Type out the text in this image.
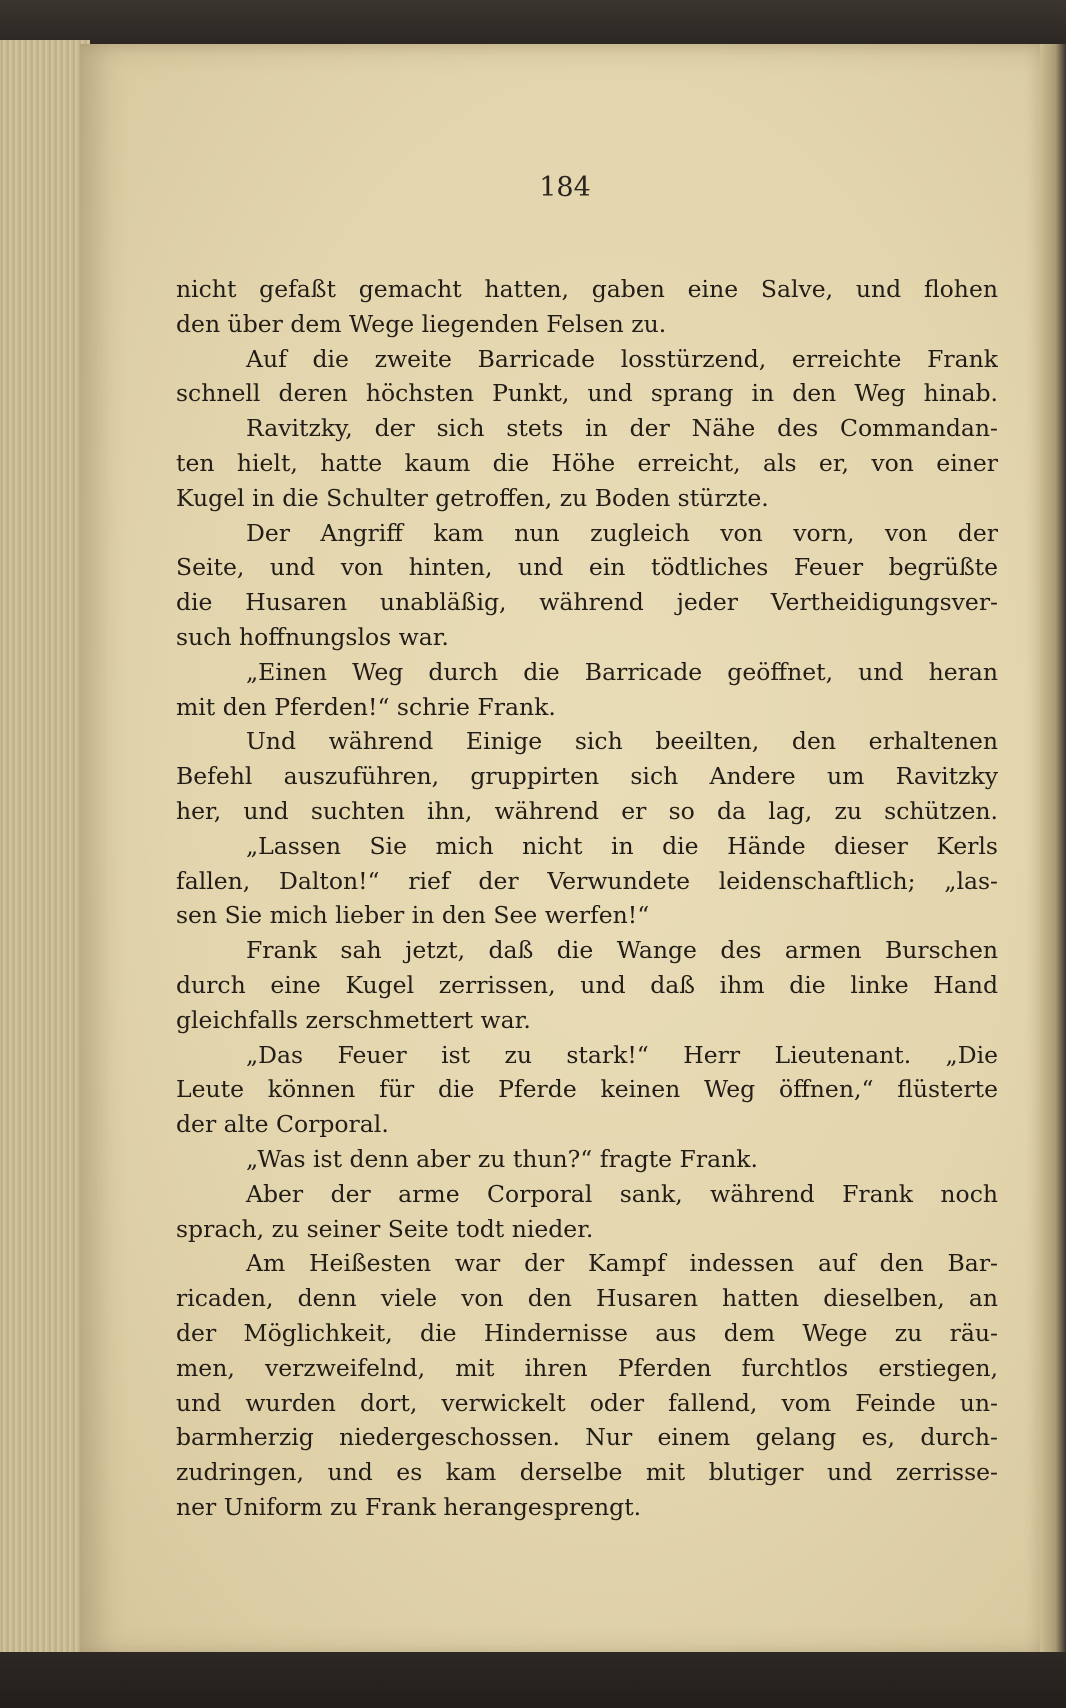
184
nicht gefaßt gemacht hatten, gaben eine Salve, und flohen
den über dem Wege liegenden Felsen zu.
Auf die zweite Barricade losstürzend, erreichte Frank
schnell deren höchsten Punkt, und sprang in den Weg hinab.
Ravitzky, der sich stets in der Nähe des Commandan-
ten hielt, hatte kaum die Höhe erreicht, als er, von einer
Kugel in die Schulter getroffen, zu Boden stürzte.
Der Angriff kam nun zugleich von vorn, von der
Seite, und von hinten, und ein tödtliches Feuer begrüßte
die Husaren unabläßig, während jeder Vertheidigungsver-
such hoffnungslos war.
„Einen Weg durch die Barricade geöffnet, und heran
mit den Pferden!“ schrie Frank.
Und während Einige sich beeilten, den erhaltenen
Befehl auszuführen, gruppirten sich Andere um Ravitzky
her, und suchten ihn, während er so da lag, zu schützen.
„Lassen Sie mich nicht in die Hände dieser Kerls
fallen, Dalton!“ rief der Verwundete leidenschaftlich; „las-
sen Sie mich lieber in den See werfen!“
Frank sah jetzt, daß die Wange des armen Burschen
durch eine Kugel zerrissen, und daß ihm die linke Hand
gleichfalls zerschmettert war.
„Das Feuer ist zu stark!“ Herr Lieutenant. „Die
Leute können für die Pferde keinen Weg öffnen,“ flüsterte
der alte Corporal.
„Was ist denn aber zu thun?“ fragte Frank.
Aber der arme Corporal sank, während Frank noch
sprach, zu seiner Seite todt nieder.
Am Heißesten war der Kampf indessen auf den Bar-
ricaden, denn viele von den Husaren hatten dieselben, an
der Möglichkeit, die Hindernisse aus dem Wege zu räu-
men, verzweifelnd, mit ihren Pferden furchtlos erstiegen,
und wurden dort, verwickelt oder fallend, vom Feinde un-
barmherzig niedergeschossen. Nur einem gelang es, durch-
zudringen, und es kam derselbe mit blutiger und zerrisse-
ner Uniform zu Frank herangesprengt.
